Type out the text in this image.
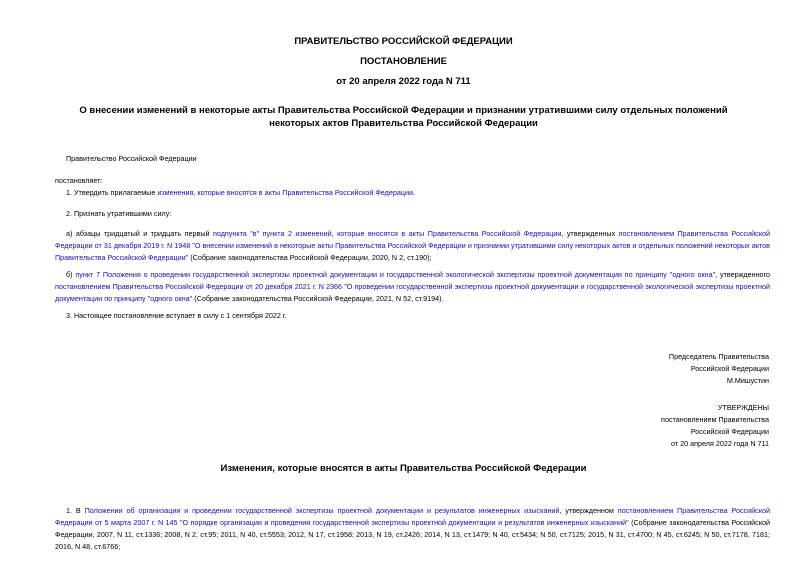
ПРАВИТЕЛЬСТВО РОССИЙСКОЙ ФЕДЕРАЦИИ
ПОСТАНОВЛЕНИЕ
от 20 апреля 2022 года N 711
О внесении изменений в некоторые акты Правительства Российской Федерации и признании утратившими силу отдельных положений некоторых актов Правительства Российской Федерации
Правительство Российской Федерации
постановляет:
1. Утвердить прилагаемые изменения, которые вносятся в акты Правительства Российской Федерации.
2. Признать утратившими силу:
а) абзацы тридцатый и тридцать первый подпункта "в" пункта 2 изменений, которые вносятся в акты Правительства Российской Федерации, утвержденных постановлением Правительства Российской Федерации от 31 декабря 2019 г. N 1948 "О внесении изменений в некоторые акты Правительства Российской Федерации и признании утратившими силу некоторых актов и отдельных положений некоторых актов Правительства Российской Федерации" (Собрание законодательства Российской Федерации, 2020, N 2, ст.190);
б) пункт 7 Положения о проведении государственной экспертизы проектной документации и государственной экологической экспертизы проектной документации по принципу "одного окна", утвержденного постановлением Правительства Российской Федерации от 20 декабря 2021 г. N 2366 "О проведении государственной экспертизы проектной документации и государственной экологической экспертизы проектной документации по принципу "одного окна" (Собрание законодательства Российской Федерации, 2021, N 52, ст.9194).
3. Настоящее постановление вступает в силу с 1 сентября 2022 г.
Председатель Правительства
Российской Федерации
М.Мишустин
УТВЕРЖДЕНЫ
постановлением Правительства
Российской Федерации
от 20 апреля 2022 года N 711
Изменения, которые вносятся в акты Правительства Российской Федерации
1. В Положении об организации и проведении государственной экспертизы проектной документации и результатов инженерных изысканий, утвержденном постановлением Правительства Российской Федерации от 5 марта 2007 г. N 145 "О порядке организации и проведения государственной экспертизы проектной документации и результатов инженерных изысканий" (Собрание законодательства Российской Федерации, 2007, N 11, ст.1336; 2008, N 2, ст.95; 2011, N 40, ст.5553; 2012, N 17, ст.1958; 2013, N 19, ст.2426; 2014, N 13, ст.1479; N 40, ст.5434; N 50, ст.7125; 2015, N 31, ст.4700; N 45, ст.6245; N 50, ст.7178, 7181; 2016, N 48, ст.6766;
